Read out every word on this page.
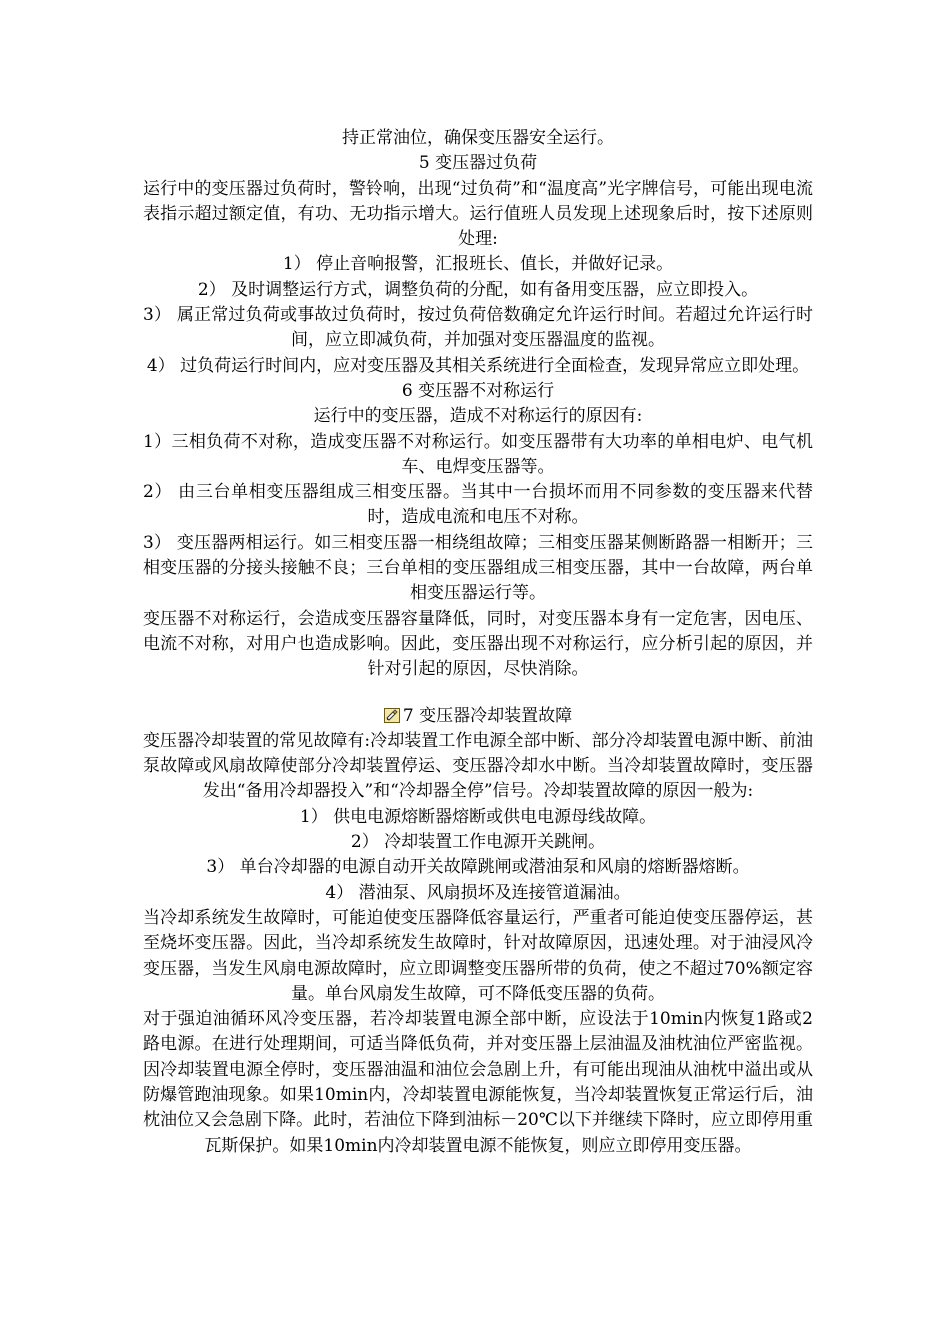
持正常油位，确保变压器安全运行。

5 变压器过负荷

运行中的变压器过负荷时，警铃响，出现“过负荷”和“温度高”光字牌信号，可能出现电流表指示超过额定值，有功、无功指示增大。运行值班人员发现上述现象后时，按下述原则处理:

1） 停止音响报警，汇报班长、值长，并做好记录。

2） 及时调整运行方式，调整负荷的分配，如有备用变压器，应立即投入。

3） 属正常过负荷或事故过负荷时，按过负荷倍数确定允许运行时间。若超过允许运行时间，应立即减负荷，并加强对变压器温度的监视。

4） 过负荷运行时间内，应对变压器及其相关系统进行全面检查，发现异常应立即处理。

6 变压器不对称运行

运行中的变压器，造成不对称运行的原因有:

1）三相负荷不对称，造成变压器不对称运行。如变压器带有大功率的单相电炉、电气机车、电焊变压器等。

2） 由三台单相变压器组成三相变压器。当其中一台损坏而用不同参数的变压器来代替时，造成电流和电压不对称。

3） 变压器两相运行。如三相变压器一相绕组故障；三相变压器某侧断路器一相断开；三相变压器的分接头接触不良；三台单相的变压器组成三相变压器，其中一台故障，两台单相变压器运行等。

变压器不对称运行，会造成变压器容量降低，同时，对变压器本身有一定危害，因电压、电流不对称，对用户也造成影响。因此，变压器出现不对称运行，应分析引起的原因，并针对引起的原因，尽快消除。

7 变压器冷却装置故障

变压器冷却装置的常见故障有:冷却装置工作电源全部中断、部分冷却装置电源中断、前油泵故障或风扇故障使部分冷却装置停运、变压器冷却水中断。当冷却装置故障时，变压器发出“备用冷却器投入”和“冷却器全停”信号。冷却装置故障的原因一般为:

1） 供电电源熔断器熔断或供电电源母线故障。

2） 冷却装置工作电源开关跳闸。

3） 单台冷却器的电源自动开关故障跳闸或潜油泵和风扇的熔断器熔断。

4） 潜油泵、风扇损坏及连接管道漏油。

当冷却系统发生故障时，可能迫使变压器降低容量运行，严重者可能迫使变压器停运，甚至烧坏变压器。因此，当冷却系统发生故障时，针对故障原因，迅速处理。对于油浸风冷变压器，当发生风扇电源故障时，应立即调整变压器所带的负荷，使之不超过70%额定容量。单台风扇发生故障，可不降低变压器的负荷。

对于强迫油循环风冷变压器，若冷却装置电源全部中断，应设法于10min内恢复1路或2路电源。在进行处理期间，可适当降低负荷，并对变压器上层油温及油枕油位严密监视。因冷却装置电源全停时，变压器油温和油位会急剧上升，有可能出现油从油枕中溢出或从防爆管跑油现象。如果10min内，冷却装置电源能恢复，当冷却装置恢复正常运行后，油枕油位又会急剧下降。此时，若油位下降到油标－20℃以下并继续下降时，应立即停用重瓦斯保护。如果10min内冷却装置电源不能恢复，则应立即停用变压器。
